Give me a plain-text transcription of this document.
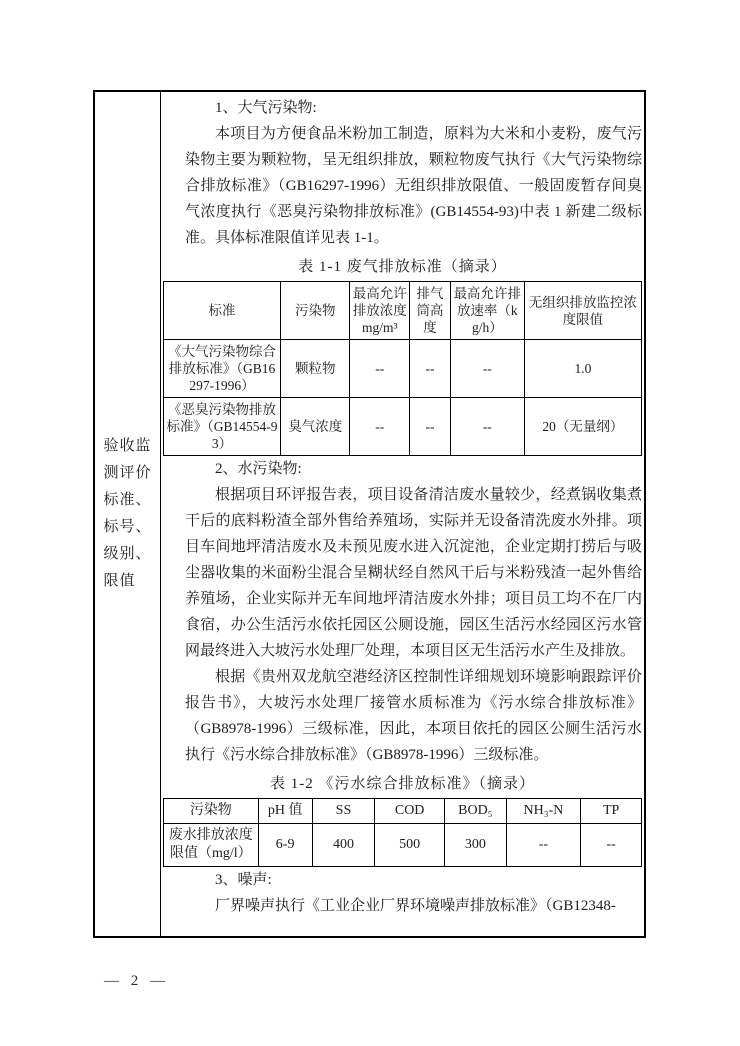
验收监
测评价
标准、
标号、
级别、
限值

1、大气污染物:

本项目为方便食品米粉加工制造，原料为大米和小麦粉，废气污染物主要为颗粒物，呈无组织排放，颗粒物废气执行《大气污染物综合排放标准》（GB16297-1996）无组织排放限值、一般固废暂存间臭气浓度执行《恶臭污染物排放标准》(GB14554-93)中表 1 新建二级标准。具体标准限值详见表 1-1。

表 1-1 废气排放标准（摘录）

标准	污染物	最高允许排放浓度mg/m³	排气筒高度	最高允许排放速率（kg/h）	无组织排放监控浓度限值
《大气污染物综合排放标准》（GB16297-1996）	颗粒物	--	--	--	1.0
《恶臭污染物排放标准》（GB14554-93）	臭气浓度	--	--	--	20（无量纲）

2、水污染物:

根据项目环评报告表，项目设备清洁废水量较少，经煮锅收集煮干后的底料粉渣全部外售给养殖场，实际并无设备清洗废水外排。项目车间地坪清洁废水及未预见废水进入沉淀池，企业定期打捞后与吸尘器收集的米面粉尘混合呈糊状经自然风干后与米粉残渣一起外售给养殖场，企业实际并无车间地坪清洁废水外排；项目员工均不在厂内食宿，办公生活污水依托园区公厕设施，园区生活污水经园区污水管网最终进入大坡污水处理厂处理，本项目区无生活污水产生及排放。

根据《贵州双龙航空港经济区控制性详细规划环境影响跟踪评价报告书》，大坡污水处理厂接管水质标准为《污水综合排放标准》（GB8978-1996）三级标准，因此，本项目依托的园区公厕生活污水执行《污水综合排放标准》（GB8978-1996）三级标准。

表 1-2 《污水综合排放标准》（摘录）

污染物	pH 值	SS	COD	BOD₅	NH₃-N	TP
废水排放浓度限值（mg/l）	6-9	400	500	300	--	--

3、噪声:

厂界噪声执行《工业企业厂界环境噪声排放标准》（GB12348-

— 2 —
